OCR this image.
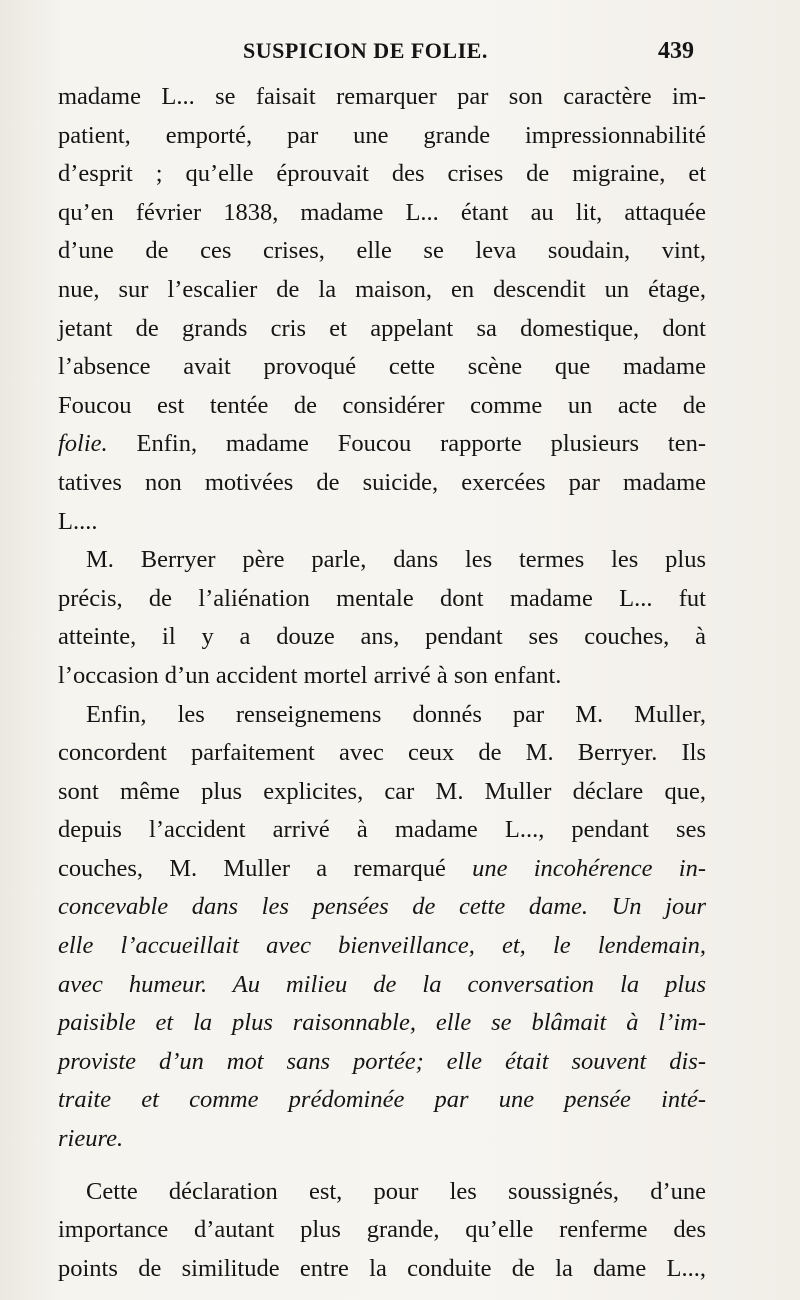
SUSPICION DE FOLIE.	439
madame L... se faisait remarquer par son caractère im-
patient, emporté, par une grande impressionnabilité
d’esprit ; qu’elle éprouvait des crises de migraine, et
qu’en février 1838, madame L... étant au lit, attaquée
d’une de ces crises, elle se leva soudain, vint,
nue, sur l’escalier de la maison, en descendit un étage,
jetant de grands cris et appelant sa domestique, dont
l’absence avait provoqué cette scène que madame
Foucou est tentée de considérer comme un acte de
folie. Enfin, madame Foucou rapporte plusieurs ten-
tatives non motivées de suicide, exercées par madame
L....
M. Berryer père parle, dans les termes les plus
précis, de l’aliénation mentale dont madame L... fut
atteinte, il y a douze ans, pendant ses couches, à
l’occasion d’un accident mortel arrivé à son enfant.
Enfin, les renseignemens donnés par M. Muller,
concordent parfaitement avec ceux de M. Berryer. Ils
sont même plus explicites, car M. Muller déclare que,
depuis l’accident arrivé à madame L..., pendant ses
couches, M. Muller a remarqué une incohérence in-
concevable dans les pensées de cette dame. Un jour
elle l’accueillait avec bienveillance, et, le lendemain,
avec humeur. Au milieu de la conversation la plus
paisible et la plus raisonnable, elle se blâmait à l’im-
proviste d’un mot sans portée; elle était souvent dis-
traite et comme prédominée par une pensée inté-
rieure.
Cette déclaration est, pour les soussignés, d’une
importance d’autant plus grande, qu’elle renferme des
points de similitude entre la conduite de la dame L...,
